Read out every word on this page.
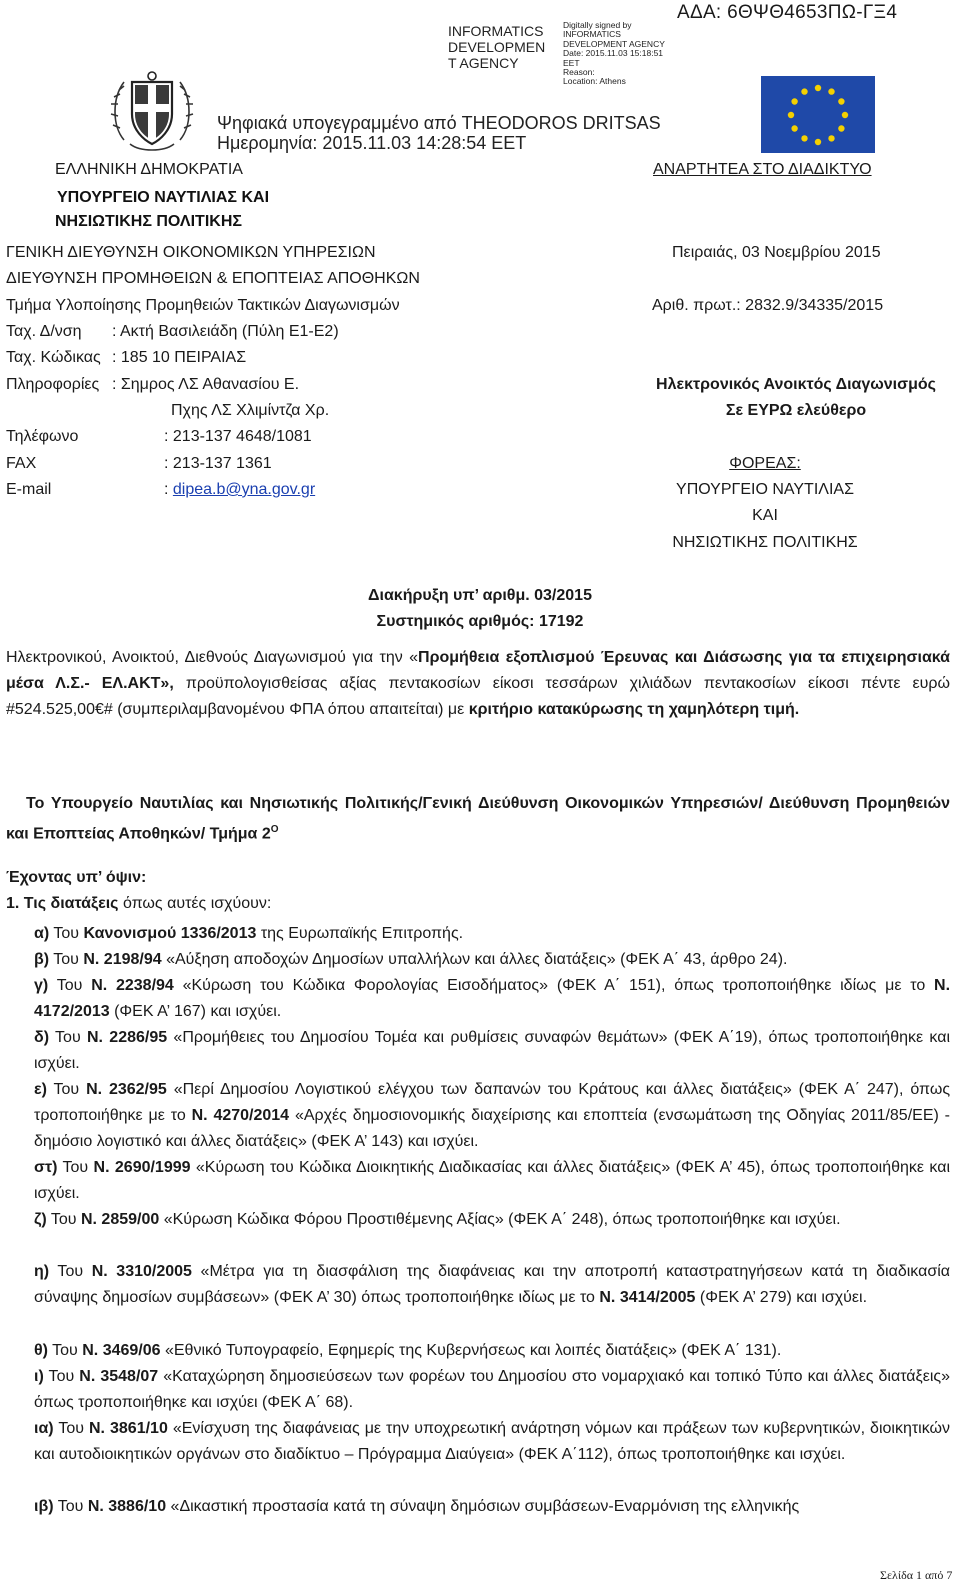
ΑΔΑ: 6ΘΨΘ4653ΠΩ-ΓΞ4
INFORMATICS
DEVELOPMEN
T AGENCY
Digitally signed by
INFORMATICS
DEVELOPMENT AGENCY
Date: 2015.11.03 15:18:51
EET
Reason:
Location: Athens
Ψηφιακά υπογεγραμμένο από THEODOROS DRITSAS
Ημερομηνία: 2015.11.03 14:28:54 EET
ΕΛΛΗΝΙΚΗ ΔΗΜΟΚΡΑΤΙΑ
ΥΠΟΥΡΓΕΙΟ ΝΑΥΤΙΛΙΑΣ ΚΑΙ
ΝΗΣΙΩΤΙΚΗΣ ΠΟΛΙΤΙΚΗΣ
ΑΝΑΡΤΗΤΕΑ ΣΤΟ ΔΙΑΔΙΚΤΥΟ
ΓΕΝΙΚΗ ΔΙΕΥΘΥΝΣΗ ΟΙΚΟΝΟΜΙΚΩΝ ΥΠΗΡΕΣΙΩΝ
ΔΙΕΥΘΥΝΣΗ ΠΡΟΜΗΘΕΙΩΝ & ΕΠΟΠΤΕΙΑΣ ΑΠΟΘΗΚΩΝ
Τμήμα Υλοποίησης Προμηθειών Τακτικών Διαγωνισμών
Πειραιάς, 03 Νοεμβρίου 2015
Αριθ. πρωτ.: 2832.9/34335/2015
Ταχ. Δ/νση : Ακτή Βασιλειάδη (Πύλη Ε1-Ε2)
Ταχ. Κώδικας : 185 10 ΠΕΙΡΑΙΑΣ
Πληροφορίες : Σημρος ΛΣ Αθανασίου Ε.
Πχης ΛΣ Χλιμίντζα Χρ.
Τηλέφωνο	: 213-137 4648/1081
FAX	: 213-137 1361
E-mail	: dipea.b@yna.gov.gr
Ηλεκτρονικός Ανοικτός Διαγωνισμός
Σε ΕΥΡΩ ελεύθερο
ΦΟΡΕΑΣ:
ΥΠΟΥΡΓΕΙΟ ΝΑΥΤΙΛΙΑΣ
ΚΑΙ
ΝΗΣΙΩΤΙΚΗΣ ΠΟΛΙΤΙΚΗΣ
Διακήρυξη υπ’ αριθμ. 03/2015
Συστημικός αριθμός: 17192
Ηλεκτρονικού, Ανοικτού, Διεθνούς Διαγωνισμού για την «Προμήθεια εξοπλισμού Έρευνας και Διάσωσης για τα επιχειρησιακά μέσα Λ.Σ.- ΕΛ.ΑΚΤ», προϋπολογισθείσας αξίας πεντακοσίων είκοσι τεσσάρων χιλιάδων πεντακοσίων είκοσι πέντε ευρώ #524.525,00€# (συμπεριλαμβανομένου ΦΠΑ όπου απαιτείται) με κριτήριο κατακύρωσης τη χαμηλότερη τιμή.
Το Υπουργείο Ναυτιλίας και Νησιωτικής Πολιτικής/Γενική Διεύθυνση Οικονομικών Υπηρεσιών/ Διεύθυνση Προμηθειών και Εποπτείας Αποθηκών/ Τμήμα $2^O$
Έχοντας υπ’ όψιν:
1. Τις διατάξεις όπως αυτές ισχύουν:
α) Του Κανονισμού 1336/2013 της Ευρωπαϊκής Επιτροπής.
β) Του Ν. 2198/94 «Αύξηση αποδοχών Δημοσίων υπαλλήλων και άλλες διατάξεις» (ΦΕΚ Α΄ 43, άρθρο 24).
γ) Του Ν. 2238/94 «Κύρωση του Κώδικα Φορολογίας Εισοδήματος» (ΦΕΚ Α΄ 151), όπως τροποποιήθηκε ιδίως με το Ν. 4172/2013 (ΦΕΚ Α’ 167) και ισχύει.
δ) Του Ν. 2286/95 «Προμήθειες του Δημοσίου Τομέα και ρυθμίσεις συναφών θεμάτων» (ΦΕΚ Α΄19), όπως τροποποιήθηκε και ισχύει.
ε) Του Ν. 2362/95 «Περί Δημοσίου Λογιστικού ελέγχου των δαπανών του Κράτους και άλλες διατάξεις» (ΦΕΚ Α΄ 247), όπως τροποποιήθηκε με το Ν. 4270/2014 «Αρχές δημοσιονομικής διαχείρισης και εποπτεία (ενσωμάτωση της Οδηγίας 2011/85/ΕΕ) - δημόσιο λογιστικό και άλλες διατάξεις» (ΦΕΚ Α’ 143) και ισχύει.
στ) Του Ν. 2690/1999 «Κύρωση του Κώδικα Διοικητικής Διαδικασίας και άλλες διατάξεις» (ΦΕΚ Α’ 45), όπως τροποποιήθηκε και ισχύει.
ζ) Του Ν. 2859/00 «Κύρωση Κώδικα Φόρου Προστιθέμενης Αξίας» (ΦΕΚ Α΄ 248), όπως τροποποιήθηκε και ισχύει.
η) Του Ν. 3310/2005 «Μέτρα για τη διασφάλιση της διαφάνειας και την αποτροπή καταστρατηγήσεων κατά τη διαδικασία σύναψης δημοσίων συμβάσεων» (ΦΕΚ Α’ 30) όπως τροποποιήθηκε ιδίως με το Ν. 3414/2005 (ΦΕΚ Α’ 279) και ισχύει.
θ) Του Ν. 3469/06 «Εθνικό Τυπογραφείο, Εφημερίς της Κυβερνήσεως και λοιπές διατάξεις» (ΦΕΚ Α΄ 131).
ι) Του Ν. 3548/07 «Καταχώρηση δημοσιεύσεων των φορέων του Δημοσίου στο νομαρχιακό και τοπικό Τύπο και άλλες διατάξεις» όπως τροποποιήθηκε και ισχύει (ΦΕΚ Α΄ 68).
ια) Του Ν. 3861/10 «Ενίσχυση της διαφάνειας με την υποχρεωτική ανάρτηση νόμων και πράξεων των κυβερνητικών, διοικητικών και αυτοδιοικητικών οργάνων στο διαδίκτυο – Πρόγραμμα Διαύγεια» (ΦΕΚ Α΄112), όπως τροποποιήθηκε και ισχύει.
ιβ) Του Ν. 3886/10 «Δικαστική προστασία κατά τη σύναψη δημόσιων συμβάσεων-Εναρμόνιση της ελληνικής
Σελίδα 1 από 7
